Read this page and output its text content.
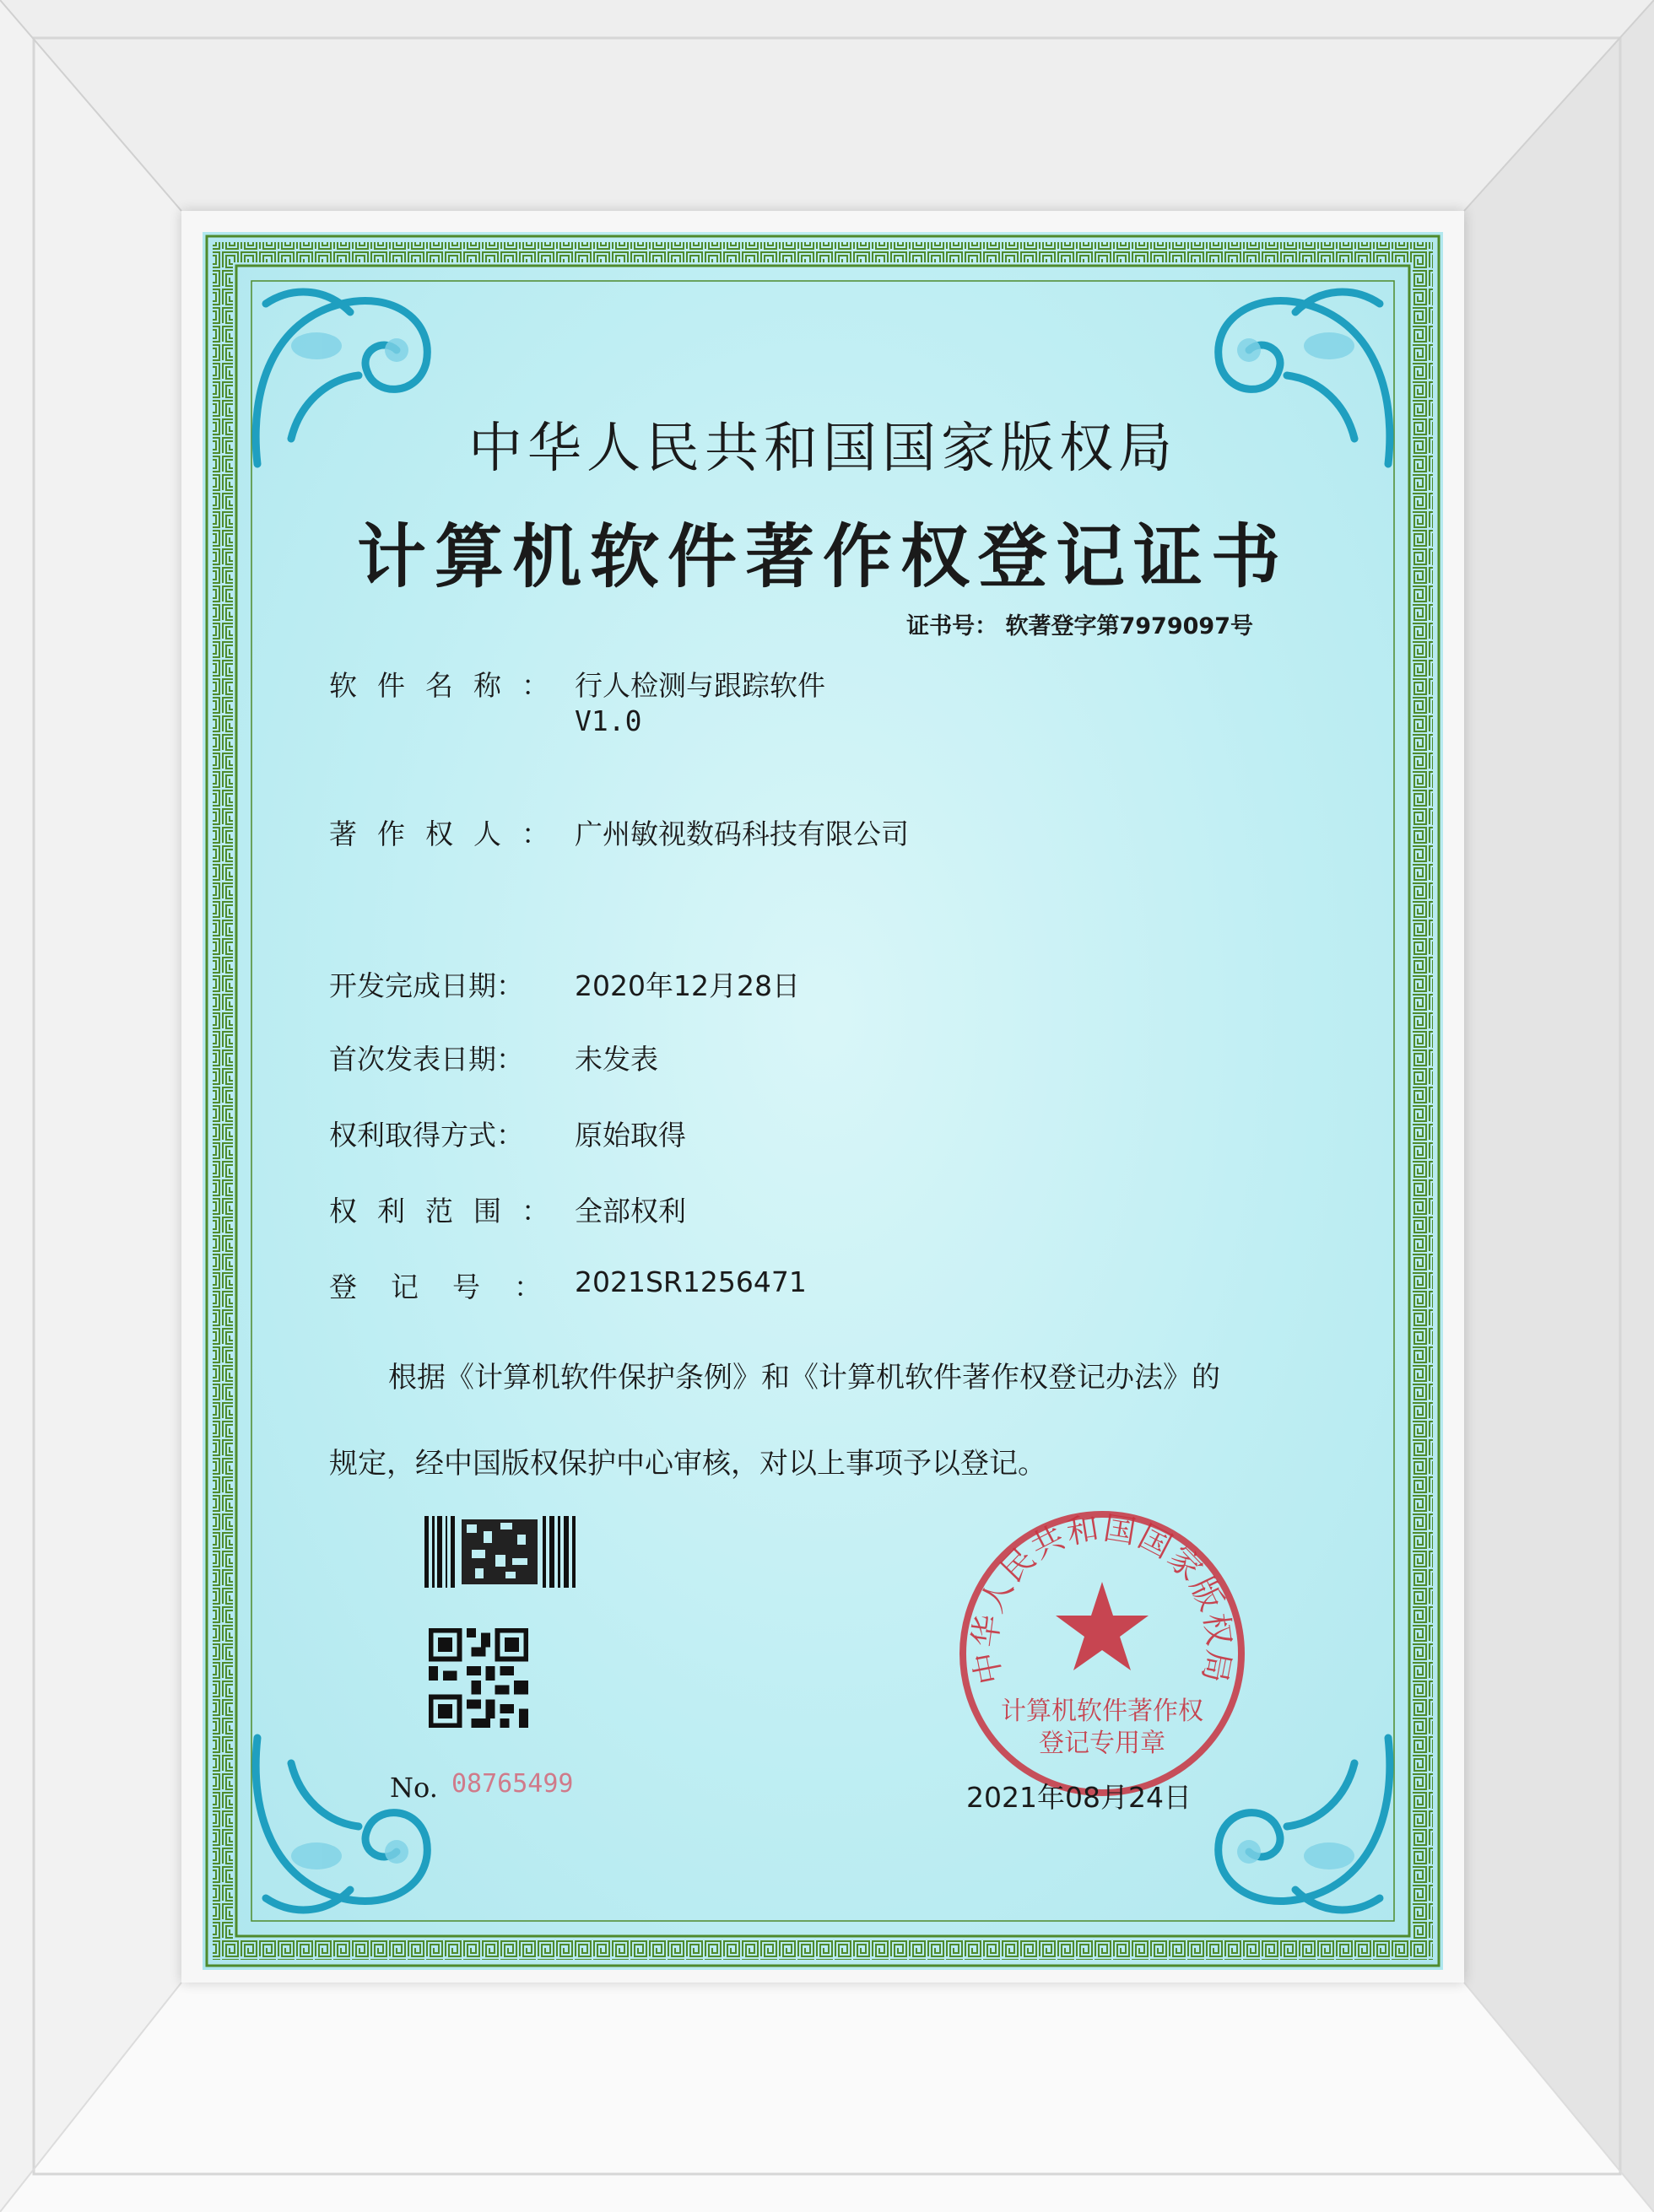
中华人民共和国国家版权局
计算机软件著作权登记证书
证书号： 软著登字第7979097号
软件名称： 行人检测与跟踪软件
V1.0
著作权人： 广州敏视数码科技有限公司
开发完成日期： 2020年12月28日
首次发表日期： 未发表
权利取得方式： 原始取得
权利范围： 全部权利
登记号： 2021SR1256471
根据《计算机软件保护条例》和《计算机软件著作权登记办法》的
规定，经中国版权保护中心审核，对以上事项予以登记。
No. 08765499
中华人民共和国国家版权局
计算机软件著作权
登记专用章
2021年08月24日
